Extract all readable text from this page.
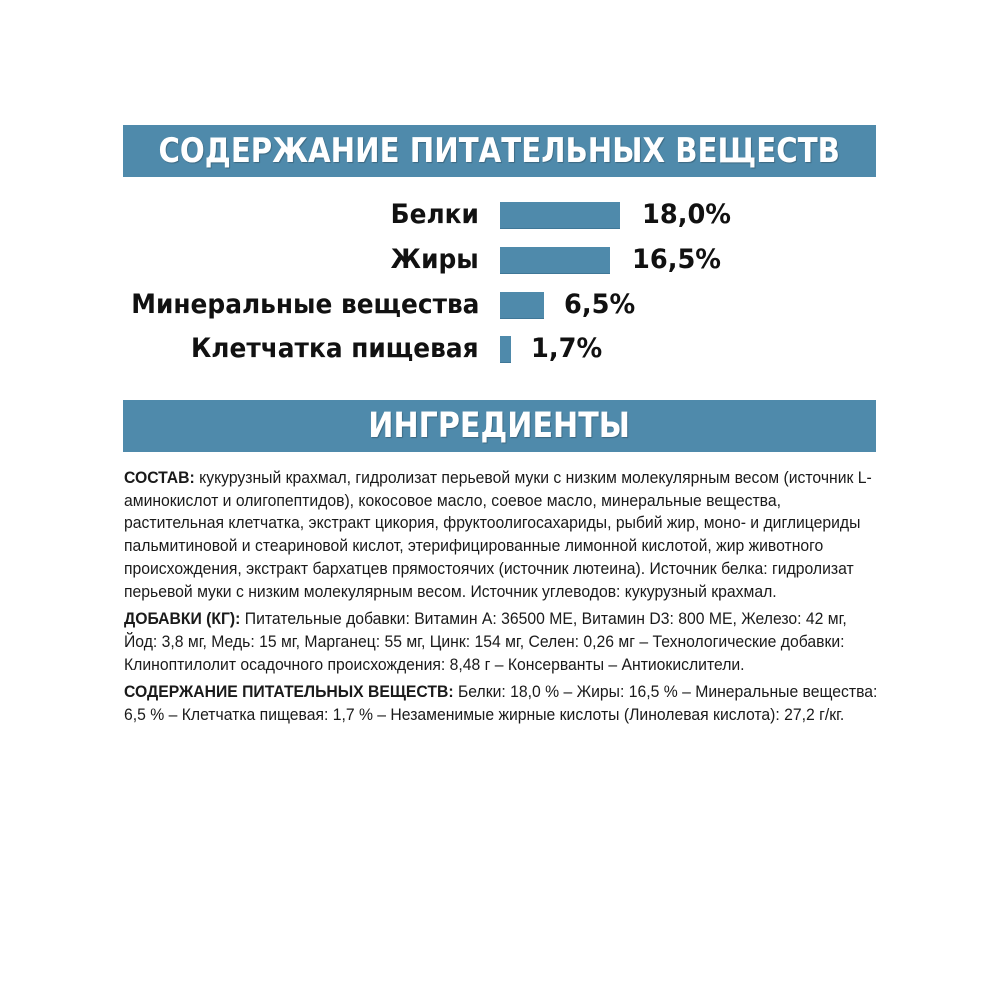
СОДЕРЖАНИЕ ПИТАТЕЛЬНЫХ ВЕЩЕСТВ
Белки	18,0%
Жиры	16,5%
Минеральные вещества	6,5%
Клетчатка пищевая 1,7%
ИНГРЕДИЕНТЫ

СОСТАВ: кукурузный крахмал, гидролизат перьевой муки с низким молекулярным весом (источник L-аминокислот и олигопептидов), кокосовое масло, соевое масло, минеральные вещества, растительная клетчатка, экстракт цикория, фруктоолигосахариды, рыбий жир, моно- и диглицериды пальмитиновой и стеариновой кислот, этерифицированные лимонной кислотой, жир животного происхождения, экстракт бархатцев прямостоячих (источник лютеина). Источник белка: гидролизат перьевой муки с низким молекулярным весом. Источник углеводов: кукурузный крахмал.

ДОБАВКИ (КГ): Питательные добавки: Витамин А: 36500 МЕ, Витамин D3: 800 МЕ, Железо: 42 мг, Йод: 3,8 мг, Медь: 15 мг, Марганец: 55 мг, Цинк: 154 мг, Селен: 0,26 мг – Технологические добавки: Клиноптилолит осадочного происхождения: 8,48 г – Консерванты – Антиокислители.

СОДЕРЖАНИЕ ПИТАТЕЛЬНЫХ ВЕЩЕСТВ: Белки: 18,0 % – Жиры: 16,5 % – Минеральные вещества: 6,5 % – Клетчатка пищевая: 1,7 % – Незаменимые жирные кислоты (Линолевая кислота): 27,2 г/кг.
